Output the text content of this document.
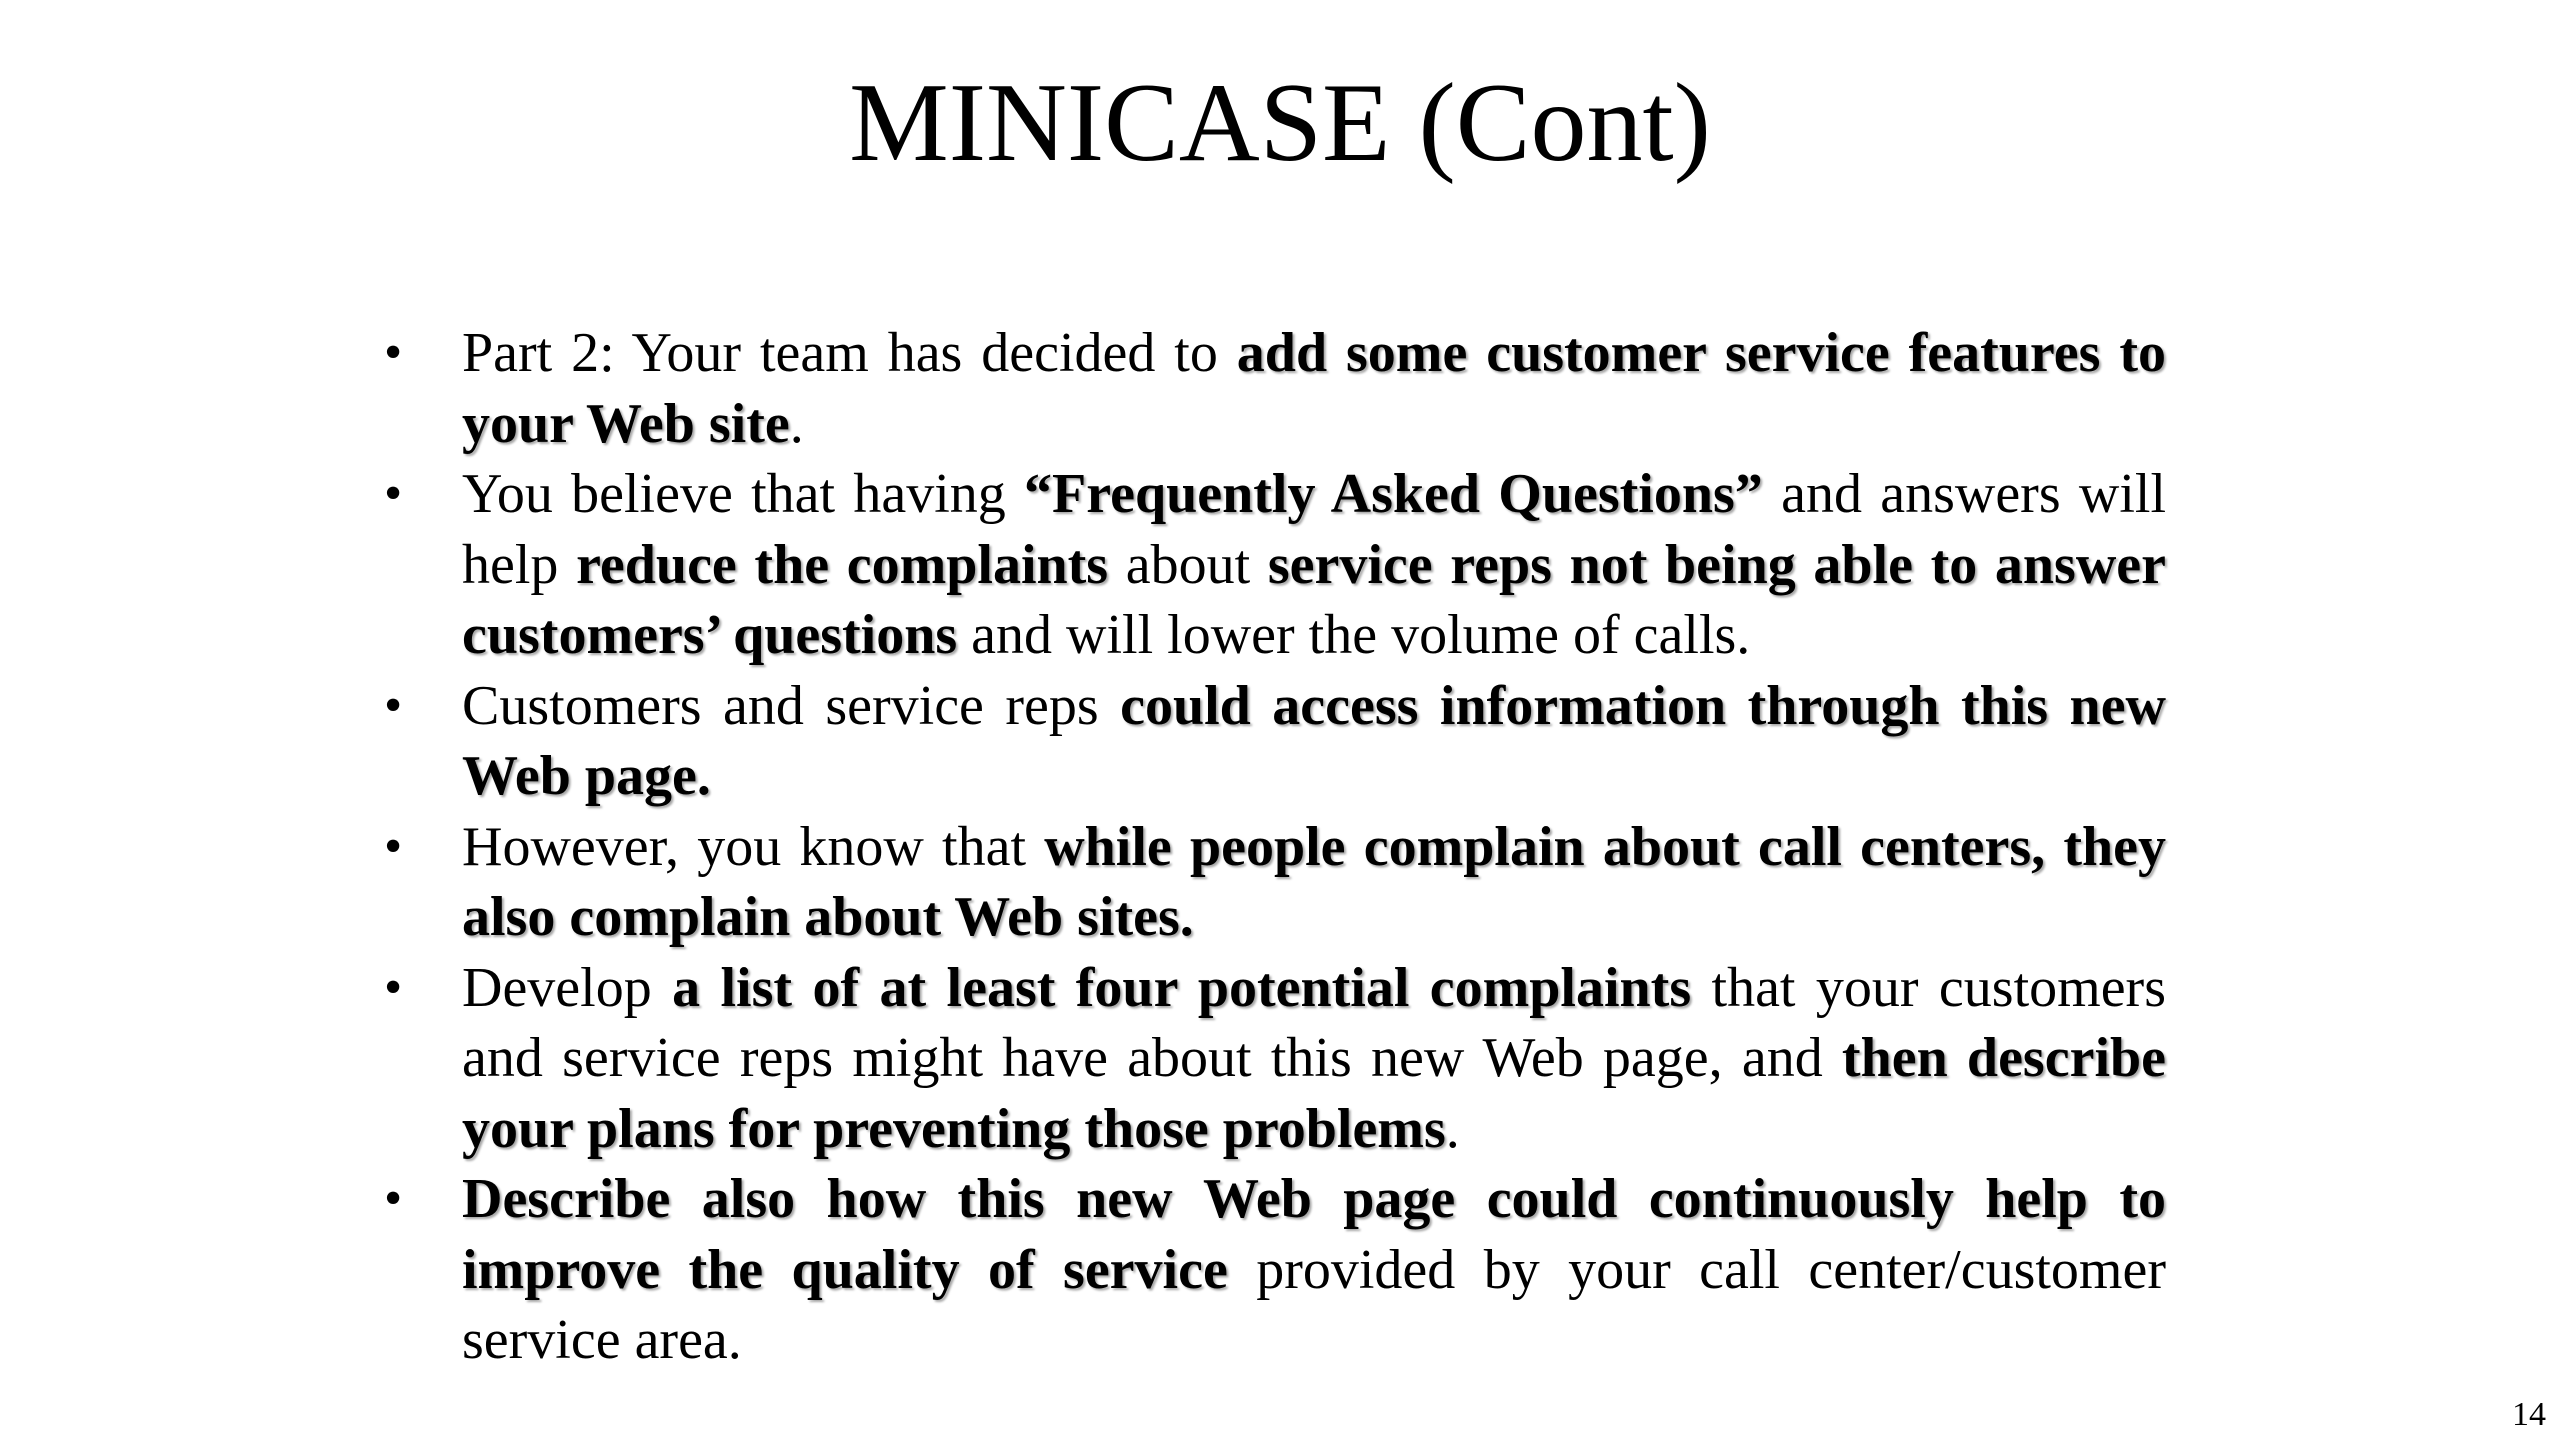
MINICASE (Cont)
• Part 2: Your team has decided to add some customer service features to your Web site.
• You believe that having “Frequently Asked Questions” and answers will help reduce the complaints about service reps not being able to answer customers’ questions and will lower the volume of calls.
• Customers and service reps could access information through this new Web page.
• However, you know that while people complain about call centers, they also complain about Web sites.
• Develop a list of at least four potential complaints that your customers and service reps might have about this new Web page, and then describe your plans for preventing those problems.
• Describe also how this new Web page could continuously help to improve the quality of service provided by your call center/customer service area.
14
